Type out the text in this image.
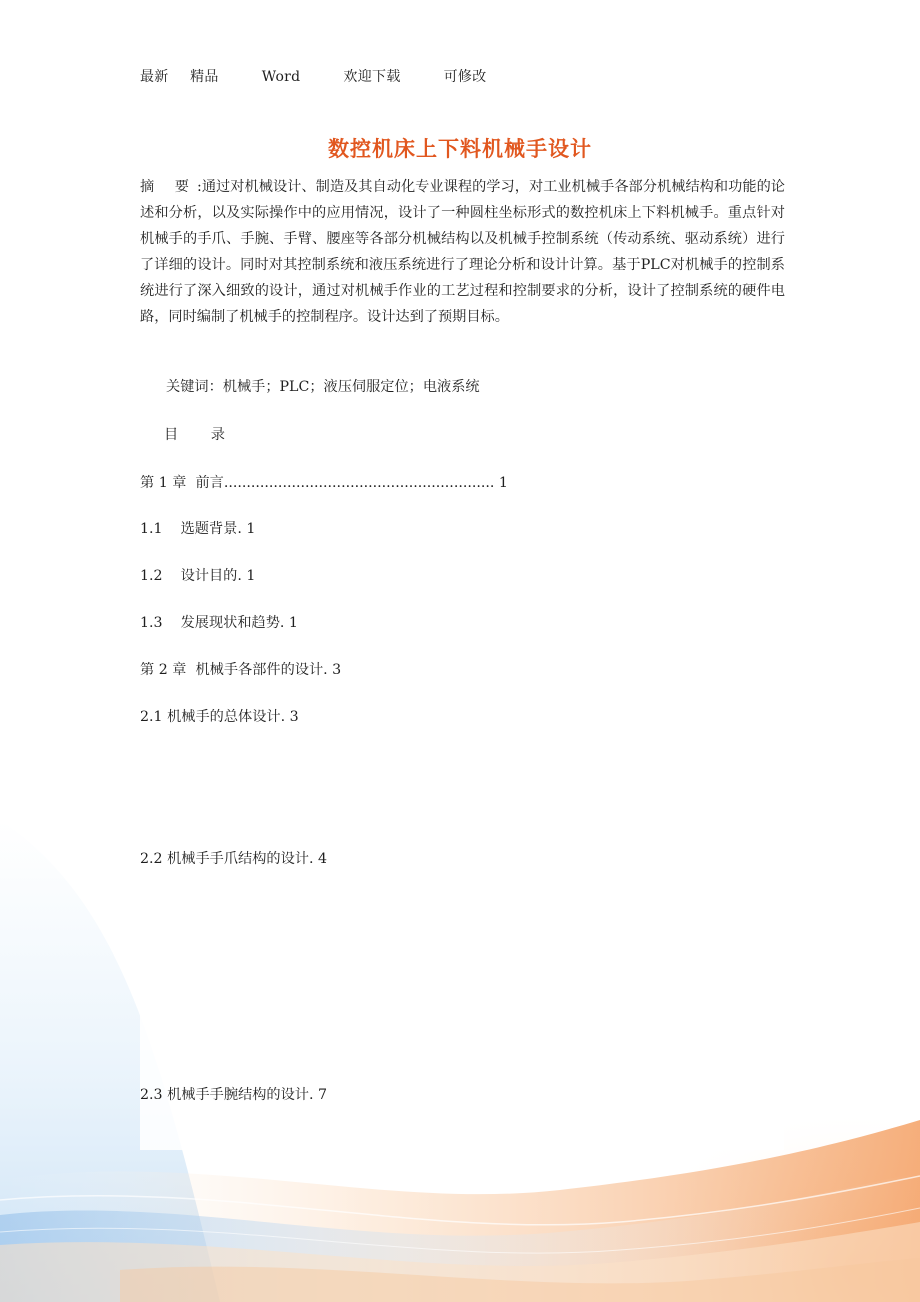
最新  精品    Word    欢迎下载    可修改
数控机床上下料机械手设计
摘 要:通过对机械设计、制造及其自动化专业课程的学习，对工业机械手各部分机械结构和功能的论述和分析，以及实际操作中的应用情况，设计了一种圆柱坐标形式的数控机床上下料机械手。重点针对机械手的手爪、手腕、手臂、腰座等各部分机械结构以及机械手控制系统（传动系统、驱动系统）进行了详细的设计。同时对其控制系统和液压系统进行了理论分析和设计计算。基于PLC对机械手的控制系统进行了深入细致的设计，通过对机械手作业的工艺过程和控制要求的分析，设计了控制系统的硬件电路，同时编制了机械手的控制程序。设计达到了预期目标。
关键词：机械手；PLC；液压伺服定位；电液系统
目 录
第 1 章  前言............................................................ 1
1.1    选题背景. 1
1.2    设计目的. 1
1.3    发展现状和趋势. 1
第 2 章  机械手各部件的设计. 3
2.1 机械手的总体设计. 3
2.2 机械手手爪结构的设计. 4
2.3 机械手手腕结构的设计. 7
